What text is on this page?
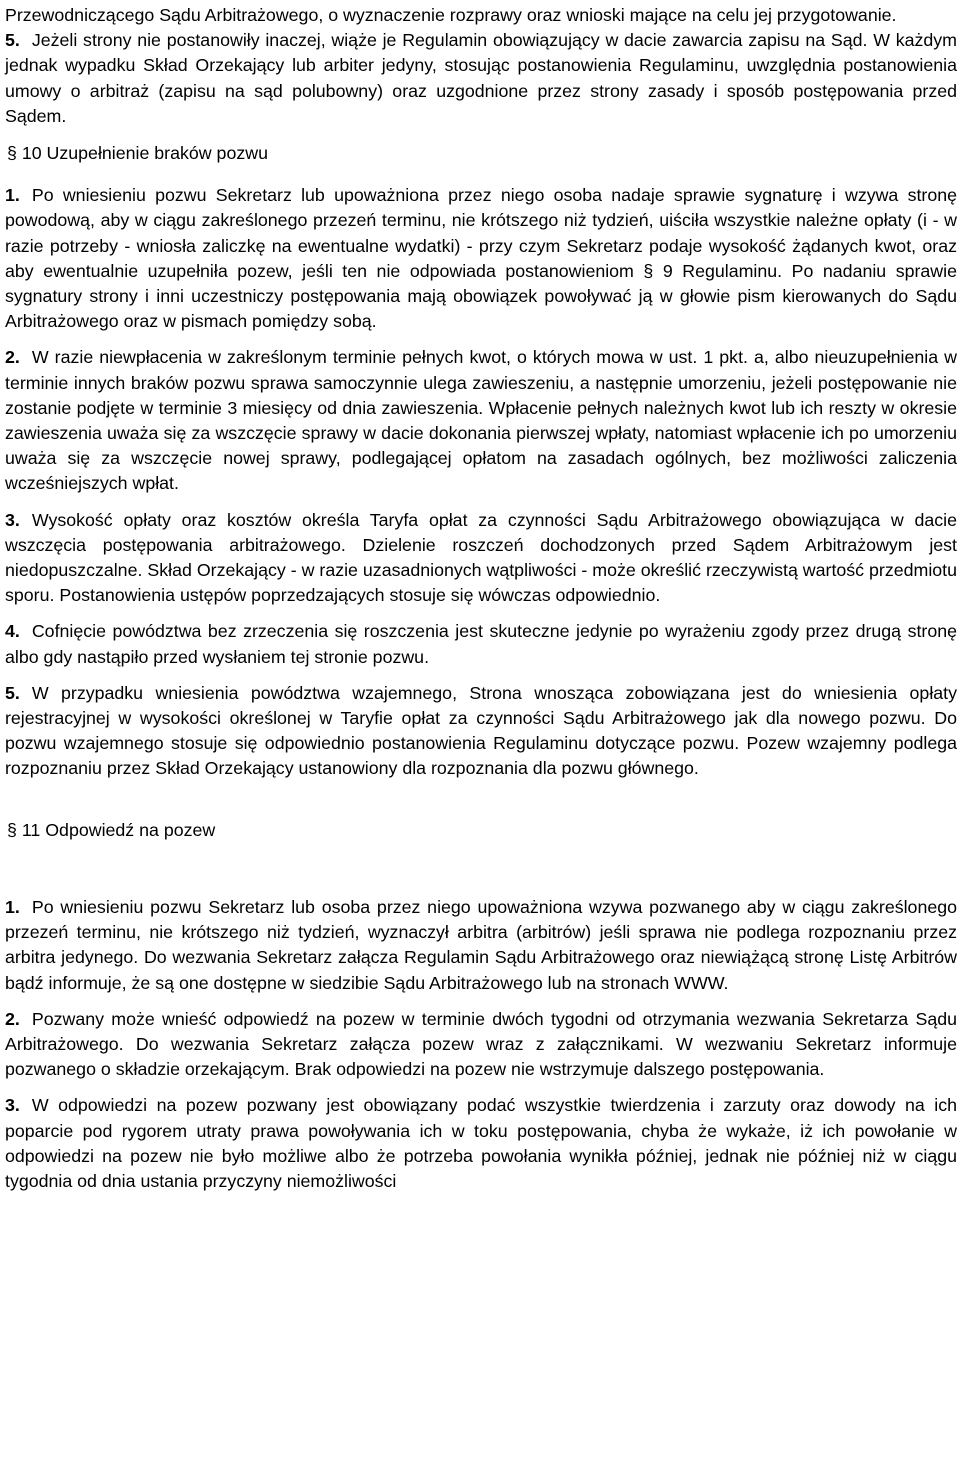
Przewodniczącego Sądu Arbitrażowego, o wyznaczenie rozprawy oraz wnioski mające na celu jej przygotowanie.

5. Jeżeli strony nie postanowiły inaczej, wiąże je Regulamin obowiązujący w dacie zawarcia zapisu na Sąd. W każdym jednak wypadku Skład Orzekający lub arbiter jedyny, stosując postanowienia Regulaminu, uwzględnia postanowienia umowy o arbitraż (zapisu na sąd polubowny) oraz uzgodnione przez strony zasady i sposób postępowania przed Sądem.

§ 10 Uzupełnienie braków pozwu

1. Po wniesieniu pozwu Sekretarz lub upoważniona przez niego osoba nadaje sprawie sygnaturę i wzywa stronę powodową, aby w ciągu zakreślonego przezeń terminu, nie krótszego niż tydzień, uiściła wszystkie należne opłaty (i - w razie potrzeby - wniosła zaliczkę na ewentualne wydatki) - przy czym Sekretarz podaje wysokość żądanych kwot, oraz aby ewentualnie uzupełniła pozew, jeśli ten nie odpowiada postanowieniom § 9 Regulaminu. Po nadaniu sprawie sygnatury strony i inni uczestniczy postępowania mają obowiązek powoływać ją w głowie pism kierowanych do Sądu Arbitrażowego oraz w pismach pomiędzy sobą.

2. W razie niewpłacenia w zakreślonym terminie pełnych kwot, o których mowa w ust. 1 pkt. a, albo nieuzupełnienia w terminie innych braków pozwu sprawa samoczynnie ulega zawieszeniu, a następnie umorzeniu, jeżeli postępowanie nie zostanie podjęte w terminie 3 miesięcy od dnia zawieszenia. Wpłacenie pełnych należnych kwot lub ich reszty w okresie zawieszenia uważa się za wszczęcie sprawy w dacie dokonania pierwszej wpłaty, natomiast wpłacenie ich po umorzeniu uważa się za wszczęcie nowej sprawy, podlegającej opłatom na zasadach ogólnych, bez możliwości zaliczenia wcześniejszych wpłat.

3. Wysokość opłaty oraz kosztów określa Taryfa opłat za czynności Sądu Arbitrażowego obowiązująca w dacie wszczęcia postępowania arbitrażowego. Dzielenie roszczeń dochodzonych przed Sądem Arbitrażowym jest niedopuszczalne. Skład Orzekający - w razie uzasadnionych wątpliwości - może określić rzeczywistą wartość przedmiotu sporu. Postanowienia ustępów poprzedzających stosuje się wówczas odpowiednio.

4. Cofnięcie powództwa bez zrzeczenia się roszczenia jest skuteczne jedynie po wyrażeniu zgody przez drugą stronę albo gdy nastąpiło przed wysłaniem tej stronie pozwu.

5. W przypadku wniesienia powództwa wzajemnego, Strona wnosząca zobowiązana jest do wniesienia opłaty rejestracyjnej w wysokości określonej w Taryfie opłat za czynności Sądu Arbitrażowego jak dla nowego pozwu. Do pozwu wzajemnego stosuje się odpowiednio postanowienia Regulaminu dotyczące pozwu. Pozew wzajemny podlega rozpoznaniu przez Skład Orzekający ustanowiony dla rozpoznania dla pozwu głównego.

§ 11 Odpowiedź na pozew

1. Po wniesieniu pozwu Sekretarz lub osoba przez niego upoważniona wzywa pozwanego aby w ciągu zakreślonego przezeń terminu, nie krótszego niż tydzień, wyznaczył arbitra (arbitrów) jeśli sprawa nie podlega rozpoznaniu przez arbitra jedynego. Do wezwania Sekretarz załącza Regulamin Sądu Arbitrażowego oraz niewiążącą stronę Listę Arbitrów bądź informuje, że są one dostępne w siedzibie Sądu Arbitrażowego lub na stronach WWW.

2. Pozwany może wnieść odpowiedź na pozew w terminie dwóch tygodni od otrzymania wezwania Sekretarza Sądu Arbitrażowego. Do wezwania Sekretarz załącza pozew wraz z załącznikami. W wezwaniu Sekretarz informuje pozwanego o składzie orzekającym. Brak odpowiedzi na pozew nie wstrzymuje dalszego postępowania.

3. W odpowiedzi na pozew pozwany jest obowiązany podać wszystkie twierdzenia i zarzuty oraz dowody na ich poparcie pod rygorem utraty prawa powoływania ich w toku postępowania, chyba że wykaże, iż ich powołanie w odpowiedzi na pozew nie było możliwe albo że potrzeba powołania wynikła później, jednak nie później niż w ciągu tygodnia od dnia ustania przyczyny niemożliwości
